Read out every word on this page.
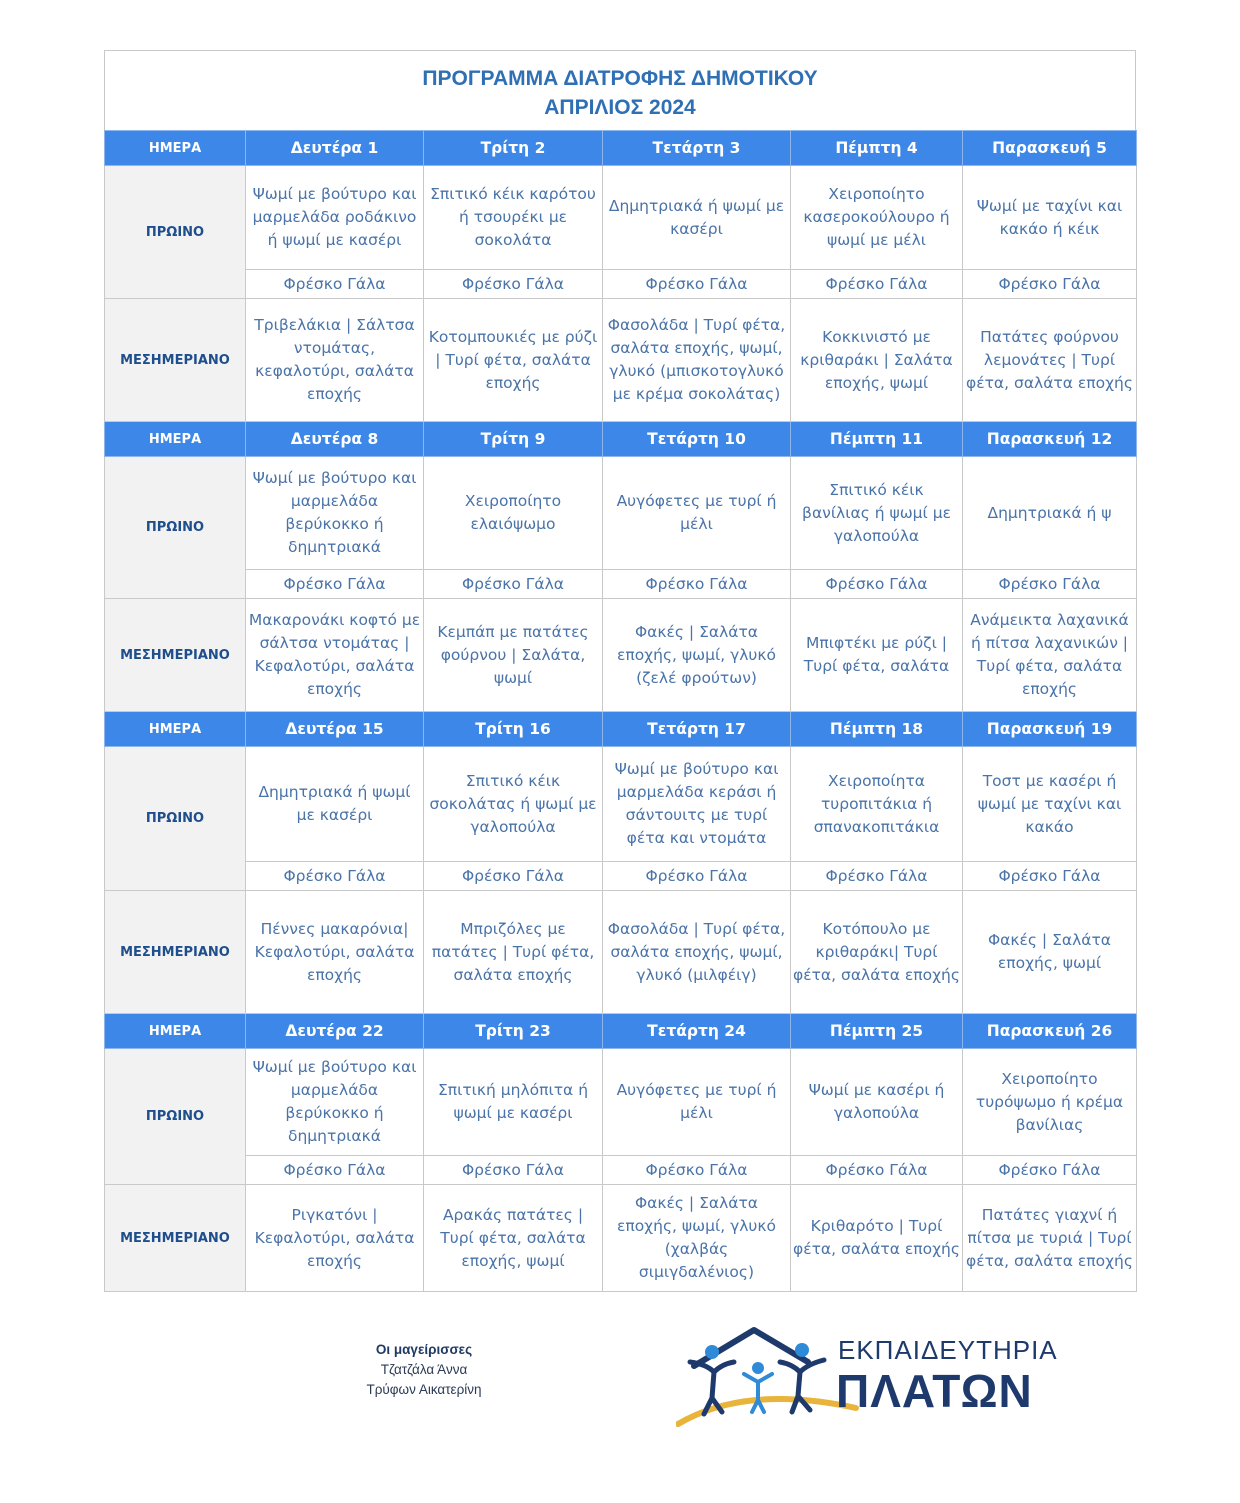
ΠΡΟΓΡΑΜΜΑ ΔΙΑΤΡΟΦΗΣ ΔΗΜΟΤΙΚΟΥ
ΑΠΡΙΛΙΟΣ 2024
ΗΜΕΡΑ	Δευτέρα 1	Τρίτη 2	Τετάρτη 3	Πέμπτη 4	Παρασκευή 5
ΠΡΩΙΝΟ	Ψωμί με βούτυρο και μαρμελάδα ροδάκινο ή ψωμί με κασέρι	Σπιτικό κέικ καρότου ή τσουρέκι με σοκολάτα	Δημητριακά ή ψωμί με κασέρι	Χειροποίητο κασεροκούλουρο ή ψωμί με μέλι	Ψωμί με ταχίνι και κακάο ή κέικ
	Φρέσκο Γάλα	Φρέσκο Γάλα	Φρέσκο Γάλα	Φρέσκο Γάλα	Φρέσκο Γάλα
ΜΕΣΗΜΕΡΙΑΝΟ	Τριβελάκια | Σάλτσα ντομάτας, κεφαλοτύρι, σαλάτα εποχής	Κοτομπουκιές με ρύζι | Τυρί φέτα, σαλάτα εποχής	Φασολάδα | Τυρί φέτα, σαλάτα εποχής, ψωμί, γλυκό (μπισκοτογλυκό με κρέμα σοκολάτας)	Κοκκινιστό με κριθαράκι | Σαλάτα εποχής, ψωμί	Πατάτες φούρνου λεμονάτες | Τυρί φέτα, σαλάτα εποχής
ΗΜΕΡΑ	Δευτέρα 8	Τρίτη 9	Τετάρτη 10	Πέμπτη 11	Παρασκευή 12
ΠΡΩΙΝΟ	Ψωμί με βούτυρο και μαρμελάδα βερύκοκκο ή δημητριακά	Χειροποίητο ελαιόψωμο	Αυγόφετες με τυρί ή μέλι	Σπιτικό κέικ βανίλιας ή ψωμί με γαλοπούλα	Δημητριακά ή ψ
	Φρέσκο Γάλα	Φρέσκο Γάλα	Φρέσκο Γάλα	Φρέσκο Γάλα	Φρέσκο Γάλα
ΜΕΣΗΜΕΡΙΑΝΟ	Μακαρονάκι κοφτό με σάλτσα ντομάτας | Κεφαλοτύρι, σαλάτα εποχής	Κεμπάπ με πατάτες φούρνου | Σαλάτα, ψωμί	Φακές | Σαλάτα εποχής, ψωμί, γλυκό (ζελέ φρούτων)	Μπιφτέκι με ρύζι | Τυρί φέτα, σαλάτα	Ανάμεικτα λαχανικά ή πίτσα λαχανικών | Τυρί φέτα, σαλάτα εποχής
ΗΜΕΡΑ	Δευτέρα 15	Τρίτη 16	Τετάρτη 17	Πέμπτη 18	Παρασκευή 19
ΠΡΩΙΝΟ	Δημητριακά ή ψωμί με κασέρι	Σπιτικό κέικ σοκολάτας ή ψωμί με γαλοπούλα	Ψωμί με βούτυρο και μαρμελάδα κεράσι ή σάντουιτς με τυρί φέτα και ντομάτα	Χειροποίητα τυροπιτάκια ή σπανακοπιτάκια	Τοστ με κασέρι ή ψωμί με ταχίνι και κακάο
	Φρέσκο Γάλα	Φρέσκο Γάλα	Φρέσκο Γάλα	Φρέσκο Γάλα	Φρέσκο Γάλα
ΜΕΣΗΜΕΡΙΑΝΟ	Πέννες μακαρόνια| Κεφαλοτύρι, σαλάτα εποχής	Μπριζόλες με πατάτες | Τυρί φέτα, σαλάτα εποχής	Φασολάδα | Τυρί φέτα, σαλάτα εποχής, ψωμί, γλυκό (μιλφέιγ)	Κοτόπουλο με κριθαράκι| Τυρί φέτα, σαλάτα εποχής	Φακές | Σαλάτα εποχής, ψωμί
ΗΜΕΡΑ	Δευτέρα 22	Τρίτη 23	Τετάρτη 24	Πέμπτη 25	Παρασκευή 26
ΠΡΩΙΝΟ	Ψωμί με βούτυρο και μαρμελάδα βερύκοκκο ή δημητριακά	Σπιτική μηλόπιτα ή ψωμί με κασέρι	Αυγόφετες με τυρί ή μέλι	Ψωμί με κασέρι ή γαλοπούλα	Χειροποίητο τυρόψωμο ή κρέμα βανίλιας
	Φρέσκο Γάλα	Φρέσκο Γάλα	Φρέσκο Γάλα	Φρέσκο Γάλα	Φρέσκο Γάλα
ΜΕΣΗΜΕΡΙΑΝΟ	Ριγκατόνι | Κεφαλοτύρι, σαλάτα εποχής	Αρακάς πατάτες | Τυρί φέτα, σαλάτα εποχής, ψωμί	Φακές | Σαλάτα εποχής, ψωμί, γλυκό (χαλβάς σιμιγδαλένιος)	Κριθαρότο | Τυρί φέτα, σαλάτα εποχής	Πατάτες γιαχνί ή πίτσα με τυριά | Τυρί φέτα, σαλάτα εποχής
Οι μαγείρισσες
Τζατζάλα Άννα
Τρύφων Αικατερίνη
ΕΚΠΑΙΔΕΥΤΗΡΙΑ
ΠΛΑΤΩΝ
